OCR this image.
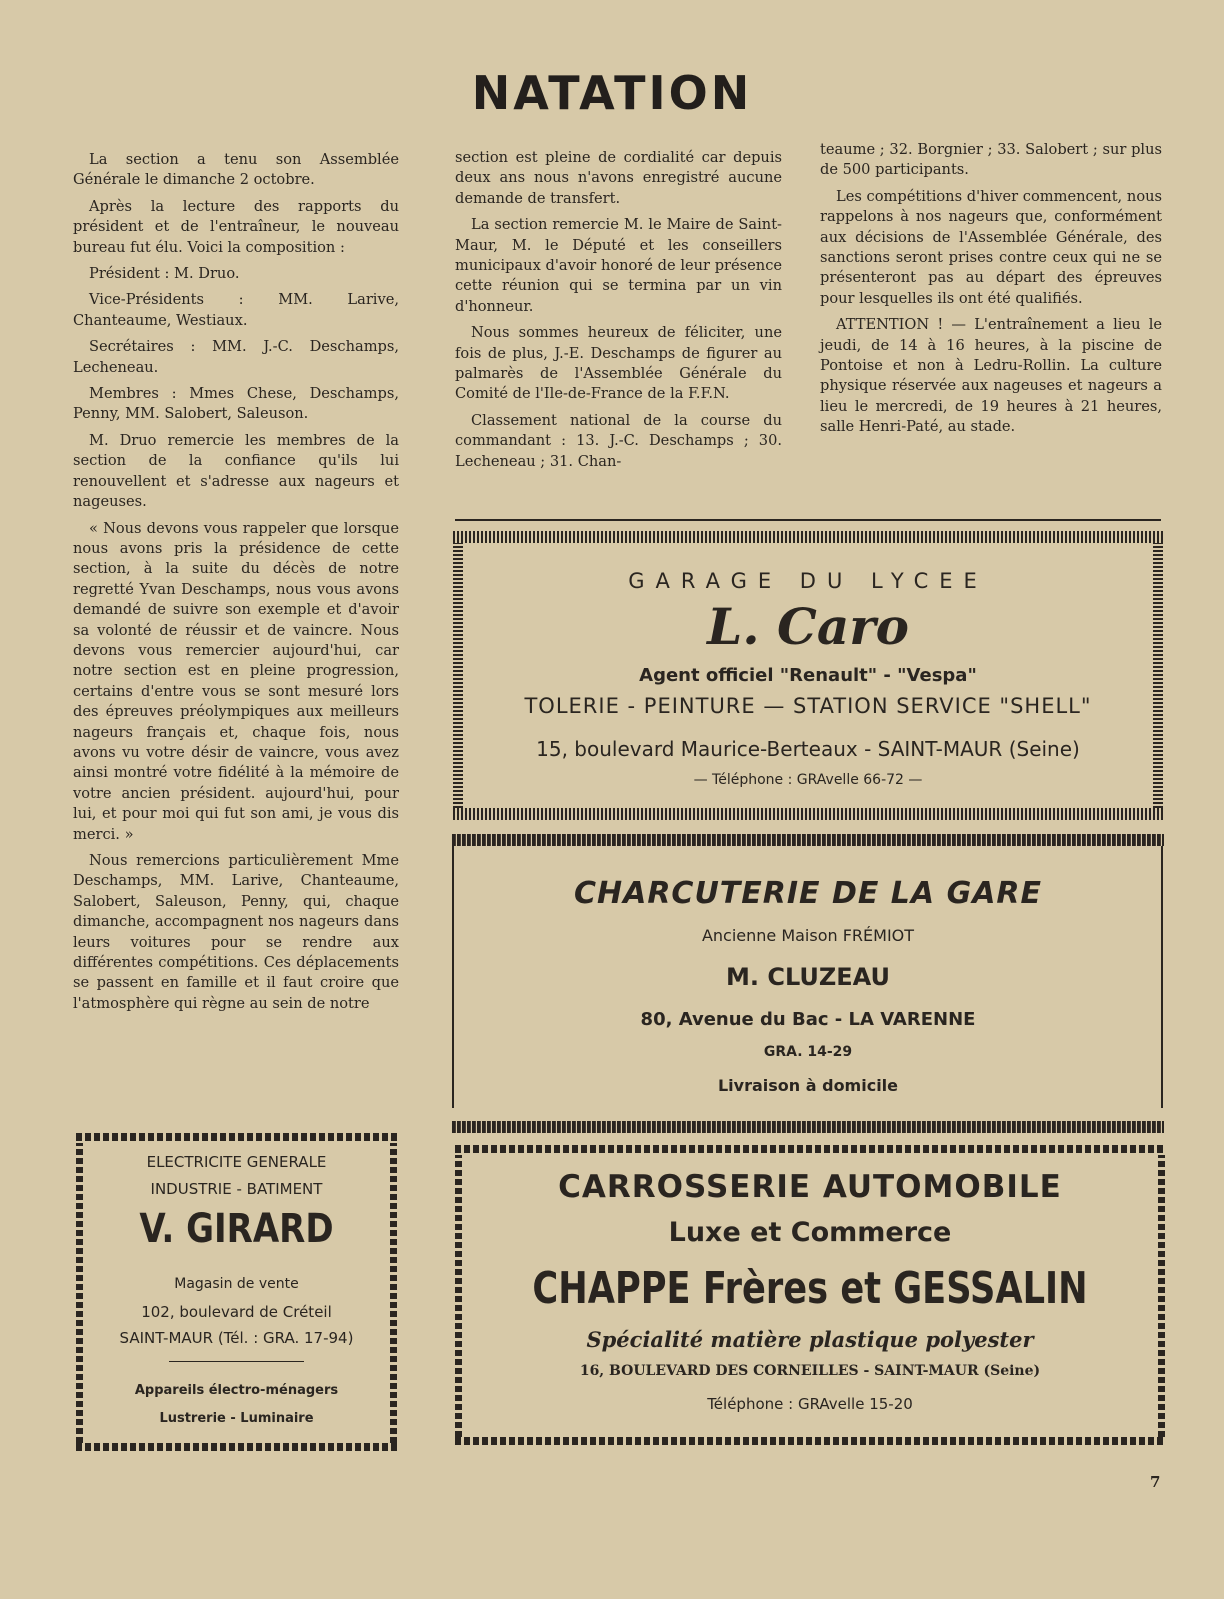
NATATION

La section a tenu son Assemblée Générale le dimanche 2 octobre.

Après la lecture des rapports du président et de l'entraîneur, le nouveau bureau fut élu. Voici la composition :

Président : M. Druo.

Vice-Présidents : MM. Larive, Chanteaume, Westiaux.

Secrétaires : MM. J.-C. Deschamps, Lecheneau.

Membres : Mmes Chese, Deschamps, Penny, MM. Salobert, Saleuson.

M. Druo remercie les membres de la section de la confiance qu'ils lui renouvellent et s'adresse aux nageurs et nageuses.

« Nous devons vous rappeler que lorsque nous avons pris la présidence de cette section, à la suite du décès de notre regretté Yvan Deschamps, nous vous avons demandé de suivre son exemple et d'avoir sa volonté de réussir et de vaincre. Nous devons vous remercier aujourd'hui, car notre section est en pleine progression, certains d'entre vous se sont mesuré lors des épreuves préolympiques aux meilleurs nageurs français et, chaque fois, nous avons vu votre désir de vaincre, vous avez ainsi montré votre fidélité à la mémoire de votre ancien président. aujourd'hui, pour lui, et pour moi qui fut son ami, je vous dis merci. »

Nous remercions particulièrement Mme Deschamps, MM. Larive, Chanteaume, Salobert, Saleuson, Penny, qui, chaque dimanche, accompagnent nos nageurs dans leurs voitures pour se rendre aux différentes compétitions. Ces déplacements se passent en famille et il faut croire que l'atmosphère qui règne au sein de notre

section est pleine de cordialité car depuis deux ans nous n'avons enregistré aucune demande de transfert.

La section remercie M. le Maire de Saint-Maur, M. le Député et les conseillers municipaux d'avoir honoré de leur présence cette réunion qui se termina par un vin d'honneur.

Nous sommes heureux de féliciter, une fois de plus, J.-E. Deschamps de figurer au palmarès de l'Assemblée Générale du Comité de l'Ile-de-France de la F.F.N.

Classement national de la course du commandant : 13. J.-C. Deschamps ; 30. Lecheneau ; 31. Chan-

teaume ; 32. Borgnier ; 33. Salobert ; sur plus de 500 participants.

Les compétitions d'hiver commencent, nous rappelons à nos nageurs que, conformément aux décisions de l'Assemblée Générale, des sanctions seront prises contre ceux qui ne se présenteront pas au départ des épreuves pour lesquelles ils ont été qualifiés.

ATTENTION ! — L'entraînement a lieu le jeudi, de 14 à 16 heures, à la piscine de Pontoise et non à Ledru-Rollin. La culture physique réservée aux nageuses et nageurs a lieu le mercredi, de 19 heures à 21 heures, salle Henri-Paté, au stade.

GARAGE DU LYCEE
L. Caro
Agent officiel "Renault" - "Vespa"
TOLERIE - PEINTURE — STATION SERVICE "SHELL"
15, boulevard Maurice-Berteaux - SAINT-MAUR (Seine)
— Téléphone : GRAvelle 66-72 —
CHARCUTERIE DE LA GARE
Ancienne Maison FRÉMIOT
M. CLUZEAU
80, Avenue du Bac - LA VARENNE
GRA. 14-29
Livraison à domicile
ELECTRICITE GENERALE
INDUSTRIE - BATIMENT
V. GIRARD
Magasin de vente
102, boulevard de Créteil
SAINT-MAUR (Tél. : GRA. 17-94)
Appareils électro-ménagers
Lustrerie - Luminaire
CARROSSERIE AUTOMOBILE
Luxe et Commerce
CHAPPE Frères et GESSALIN
Spécialité matière plastique polyester
16, BOULEVARD DES CORNEILLES - SAINT-MAUR (Seine)
Téléphone : GRAvelle 15-20
7
